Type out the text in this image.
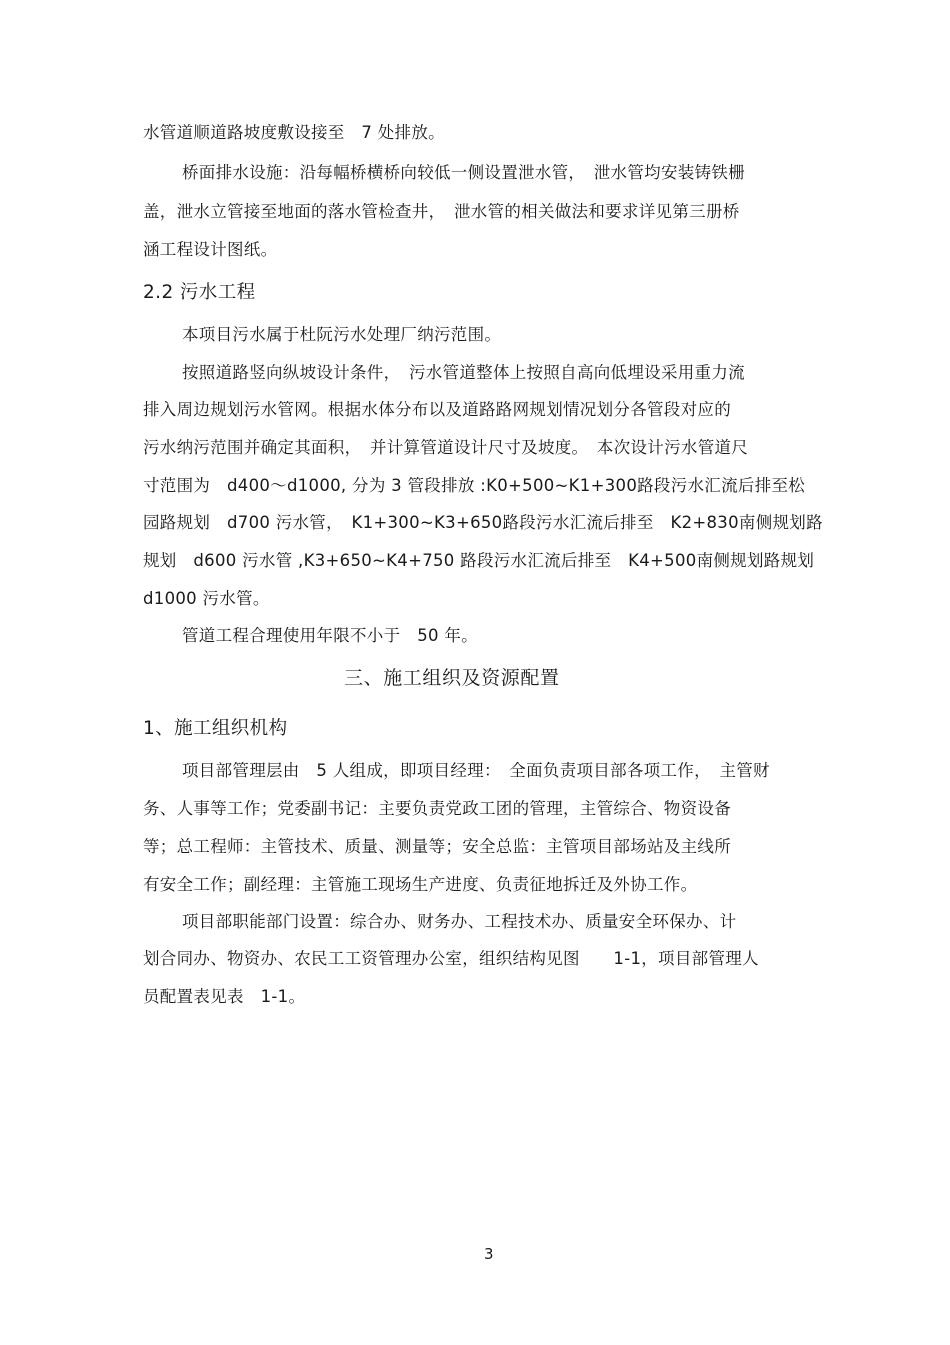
水管道顺道路坡度敷设接至　7 处排放。
桥面排水设施：沿每幅桥横桥向较低一侧设置泄水管，　泄水管均安装铸铁栅
盖，泄水立管接至地面的落水管检查井，　泄水管的相关做法和要求详见第三册桥
涵工程设计图纸。
2.2 污水工程
本项目污水属于杜阮污水处理厂纳污范围。
按照道路竖向纵坡设计条件，　污水管道整体上按照自高向低埋设采用重力流
排入周边规划污水管网。根据水体分布以及道路路网规划情况划分各管段对应的
污水纳污范围并确定其面积，　并计算管道设计尺寸及坡度。　本次设计污水管道尺
寸范围为　d400～d1000, 分为 3 管段排放 :K0+500~K1+300路段污水汇流后排至松
园路规划　d700 污水管，　K1+300~K3+650路段污水汇流后排至　K2+830南侧规划路
规划　d600 污水管 ,K3+650~K4+750 路段污水汇流后排至　K4+500南侧规划路规划
d1000 污水管。
管道工程合理使用年限不小于　50 年。
三、施工组织及资源配置
1、施工组织机构
项目部管理层由　5 人组成，即项目经理：　全面负责项目部各项工作，　主管财
务、人事等工作；党委副书记：主要负责党政工团的管理，主管综合、物资设备
等；总工程师：主管技术、质量、测量等；安全总监：主管项目部场站及主线所
有安全工作；副经理：主管施工现场生产进度、负责征地拆迁及外协工作。
项目部职能部门设置：综合办、财务办、工程技术办、质量安全环保办、计
划合同办、物资办、农民工工资管理办公室，组织结构见图　　1-1，项目部管理人
员配置表见表　1-1。
3
